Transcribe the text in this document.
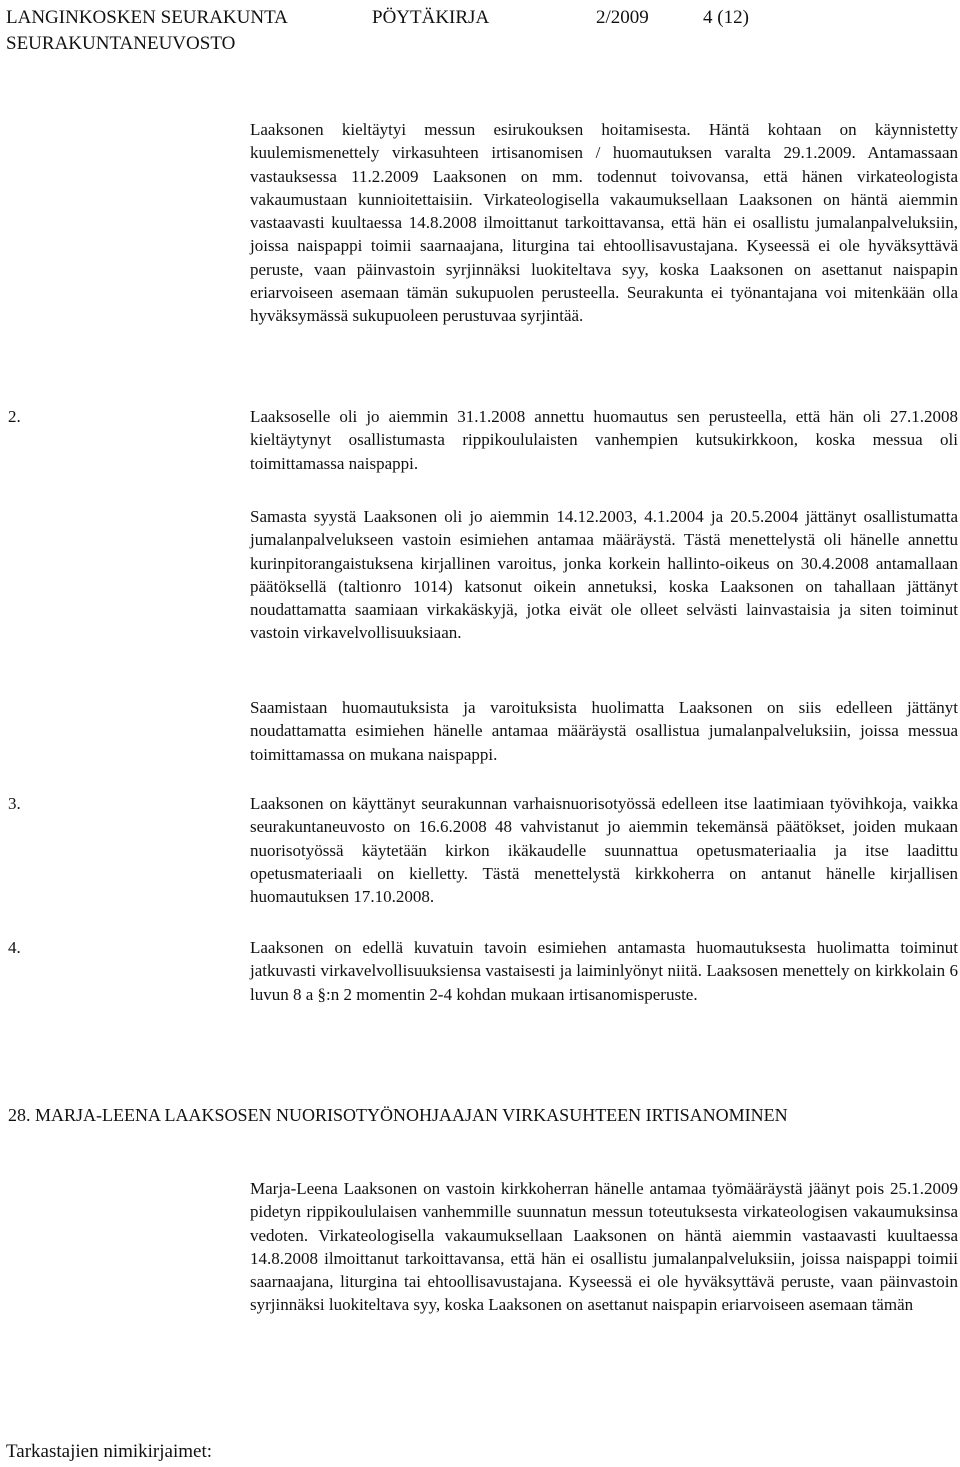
LANGINKOSKEN SEURAKUNTA	PÖYTÄKIRJA	2/2009	4 (12)
SEURAKUNTANEUVOSTO

Laaksonen kieltäytyi messun esirukouksen hoitamisesta. Häntä kohtaan on käynnistetty kuulemismenettely virkasuhteen irtisanomisen / huomautuksen varalta 29.1.2009. Antamassaan vastauksessa 11.2.2009 Laaksonen on mm. todennut toivovansa, että hänen virkateologista vakaumustaan kunnioitettaisiin. Virkateologisella vakaumuksellaan Laaksonen on häntä aiemmin vastaavasti kuultaessa 14.8.2008 ilmoittanut tarkoittavansa, että hän ei osallistu jumalanpalveluksiin, joissa naispappi toimii saarnaajana, liturgina tai ehtoollisavustajana. Kyseessä ei ole hyväksyttävä peruste, vaan päinvastoin syrjinnäksi luokiteltava syy, koska Laaksonen on asettanut naispapin eriarvoiseen asemaan tämän sukupuolen perusteella. Seurakunta ei työnantajana voi mitenkään olla hyväksymässä sukupuoleen perustuvaa syrjintää.

2.	Laaksoselle oli jo aiemmin 31.1.2008 annettu huomautus sen perusteella, että hän oli 27.1.2008 kieltäytynyt osallistumasta rippikoululaisten vanhempien kutsukirkkoon, koska messua oli toimittamassa naispappi.

Samasta syystä Laaksonen oli jo aiemmin 14.12.2003, 4.1.2004 ja 20.5.2004 jättänyt osallistumatta jumalanpalvelukseen vastoin esimiehen antamaa määräystä. Tästä menettelystä oli hänelle annettu kurinpitorangaistuksena kirjallinen varoitus, jonka korkein hallinto-oikeus on 30.4.2008 antamallaan päätöksellä (taltionro 1014) katsonut oikein annetuksi, koska Laaksonen on tahallaan jättänyt noudattamatta saamiaan virkakäskyjä, jotka eivät ole olleet selvästi lainvastaisia ja siten toiminut vastoin virkavelvollisuuksiaan.

Saamistaan huomautuksista ja varoituksista huolimatta Laaksonen on siis edelleen jättänyt noudattamatta esimiehen hänelle antamaa määräystä osallistua jumalanpalveluksiin, joissa messua toimittamassa on mukana naispappi.

3.	Laaksonen on käyttänyt seurakunnan varhaisnuorisotyössä edelleen itse laatimiaan työvihkoja, vaikka seurakuntaneuvosto on 16.6.2008 48 vahvistanut jo aiemmin tekemänsä päätökset, joiden mukaan nuorisotyössä käytetään kirkon ikäkaudelle suunnattua opetusmateriaalia ja itse laadittu opetusmateriaali on kielletty. Tästä menettelystä kirkkoherra on antanut hänelle kirjallisen huomautuksen 17.10.2008.

4.	Laaksonen on edellä kuvatuin tavoin esimiehen antamasta huomautuksesta huolimatta toiminut jatkuvasti virkavelvollisuuksiensa vastaisesti ja laiminlyönyt niitä. Laaksosen menettely on kirkkolain 6 luvun 8 a §:n 2 momentin 2-4 kohdan mukaan irtisanomisperuste.

28. MARJA-LEENA LAAKSOSEN NUORISOTYÖNOHJAAJAN VIRKASUHTEEN IRTISANOMINEN

Marja-Leena Laaksonen on vastoin kirkkoherran hänelle antamaa työmääräystä jäänyt pois 25.1.2009 pidetyn rippikoululaisen vanhemmille suunnatun messun toteutuksesta virkateologisen vakaumuksinsa vedoten. Virkateologisella vakaumuksellaan Laaksonen on häntä aiemmin vastaavasti kuultaessa 14.8.2008 ilmoittanut tarkoittavansa, että hän ei osallistu jumalanpalveluksiin, joissa naispappi toimii saarnaajana, liturgina tai ehtoollisavustajana. Kyseessä ei ole hyväksyttävä peruste, vaan päinvastoin syrjinnäksi luokiteltava syy, koska Laaksonen on asettanut naispapin eriarvoiseen asemaan tämän

Tarkastajien nimikirjaimet:
